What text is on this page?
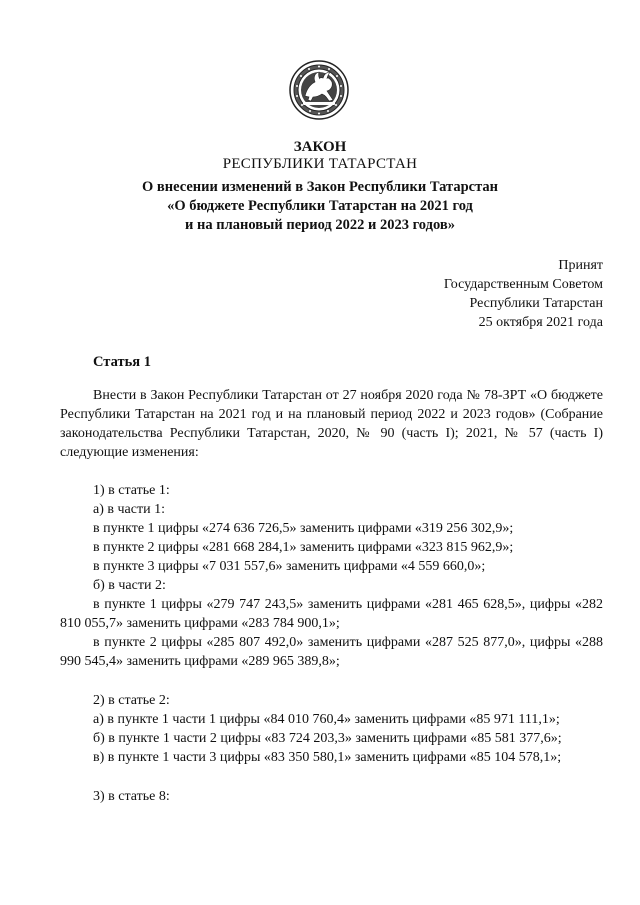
ЗАКОН
РЕСПУБЛИКИ ТАТАРСТАН
О внесении изменений в Закон Республики Татарстан
«О бюджете Республики Татарстан на 2021 год
и на плановый период 2022 и 2023 годов»
Принят
Государственным Советом
Республики Татарстан
25 октября 2021 года
Статья 1
Внести в Закон Республики Татарстан от 27 ноября 2020 года № 78-ЗРТ «О бюджете Республики Татарстан на 2021 год и на плановый период 2022 и 2023 годов» (Собрание законодательства Республики Татарстан, 2020, № 90 (часть I); 2021, № 57 (часть I) следующие изменения:
1) в статье 1:
а) в части 1:
в пункте 1 цифры «274 636 726,5» заменить цифрами «319 256 302,9»;
в пункте 2 цифры «281 668 284,1» заменить цифрами «323 815 962,9»;
в пункте 3 цифры «7 031 557,6» заменить цифрами «4 559 660,0»;
б) в части 2:
в пункте 1 цифры «279 747 243,5» заменить цифрами «281 465 628,5», цифры «282 810 055,7» заменить цифрами «283 784 900,1»;
в пункте 2 цифры «285 807 492,0» заменить цифрами «287 525 877,0», цифры «288 990 545,4» заменить цифрами «289 965 389,8»;
2) в статье 2:
а) в пункте 1 части 1 цифры «84 010 760,4» заменить цифрами «85 971 111,1»;
б) в пункте 1 части 2 цифры «83 724 203,3» заменить цифрами «85 581 377,6»;
в) в пункте 1 части 3 цифры «83 350 580,1» заменить цифрами «85 104 578,1»;
3) в статье 8:
